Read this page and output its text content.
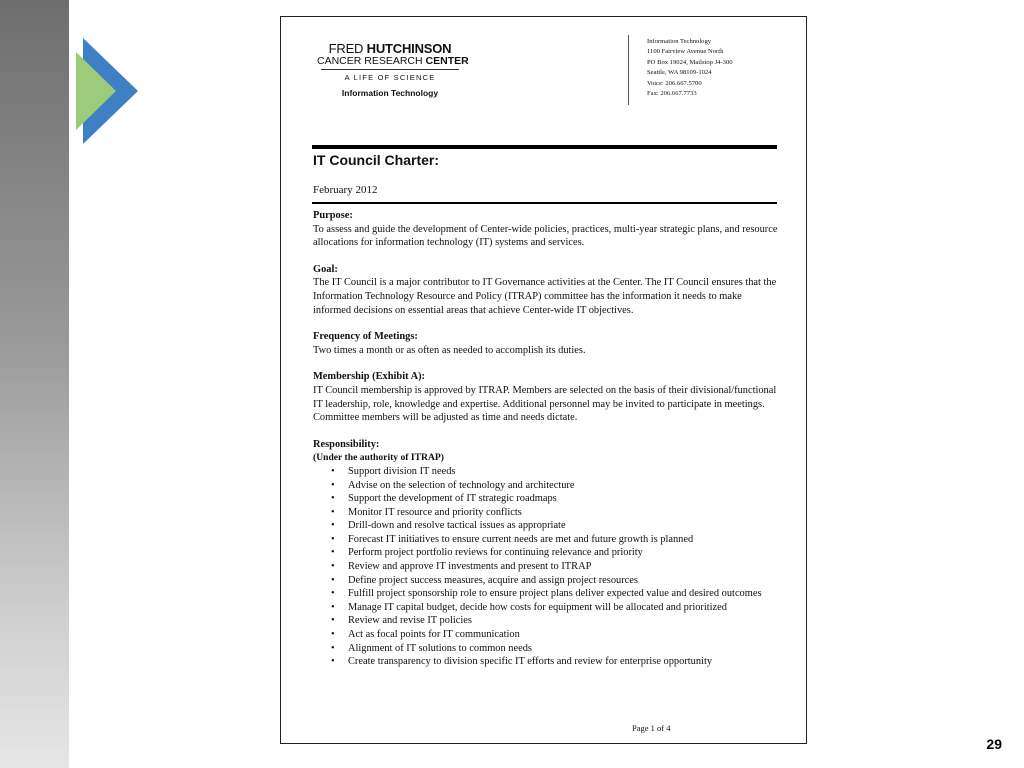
FRED HUTCHINSON
CANCER RESEARCH CENTER
A LIFE OF SCIENCE
Information Technology
Information Technology
1100 Fairview Avenue North
PO Box 19024, Mailstop J4-300
Seattle, WA 98109-1024
Voice: 206.667.5700
Fax: 206.667.7733
IT Council Charter:
February 2012
Purpose:

To assess and guide the development of Center-wide policies, practices, multi-year strategic plans, and resource allocations for information technology (IT) systems and services.

Goal:

The IT Council is a major contributor to IT Governance activities at the Center. The IT Council ensures that the Information Technology Resource and Policy (ITRAP) committee has the information it needs to make informed decisions on essential areas that achieve Center-wide IT objectives.

Frequency of Meetings:

Two times a month or as often as needed to accomplish its duties.

Membership (Exhibit A):

IT Council membership is approved by ITRAP. Members are selected on the basis of their divisional/functional IT leadership, role, knowledge and expertise. Additional personnel may be invited to participate in meetings. Committee members will be adjusted as time and needs dictate.

Responsibility:
(Under the authority of ITRAP)
• Support division IT needs
• Advise on the selection of technology and architecture
• Support the development of IT strategic roadmaps
• Monitor IT resource and priority conflicts
• Drill-down and resolve tactical issues as appropriate
• Forecast IT initiatives to ensure current needs are met and future growth is planned
• Perform project portfolio reviews for continuing relevance and priority
• Review and approve IT investments and present to ITRAP
• Define project success measures, acquire and assign project resources
• Fulfill project sponsorship role to ensure project plans deliver expected value and desired outcomes
• Manage IT capital budget, decide how costs for equipment will be allocated and prioritized
• Review and revise IT policies
• Act as focal points for IT communication
• Alignment of IT solutions to common needs
• Create transparency to division specific IT efforts and review for enterprise opportunity
Page 1 of 4
29
